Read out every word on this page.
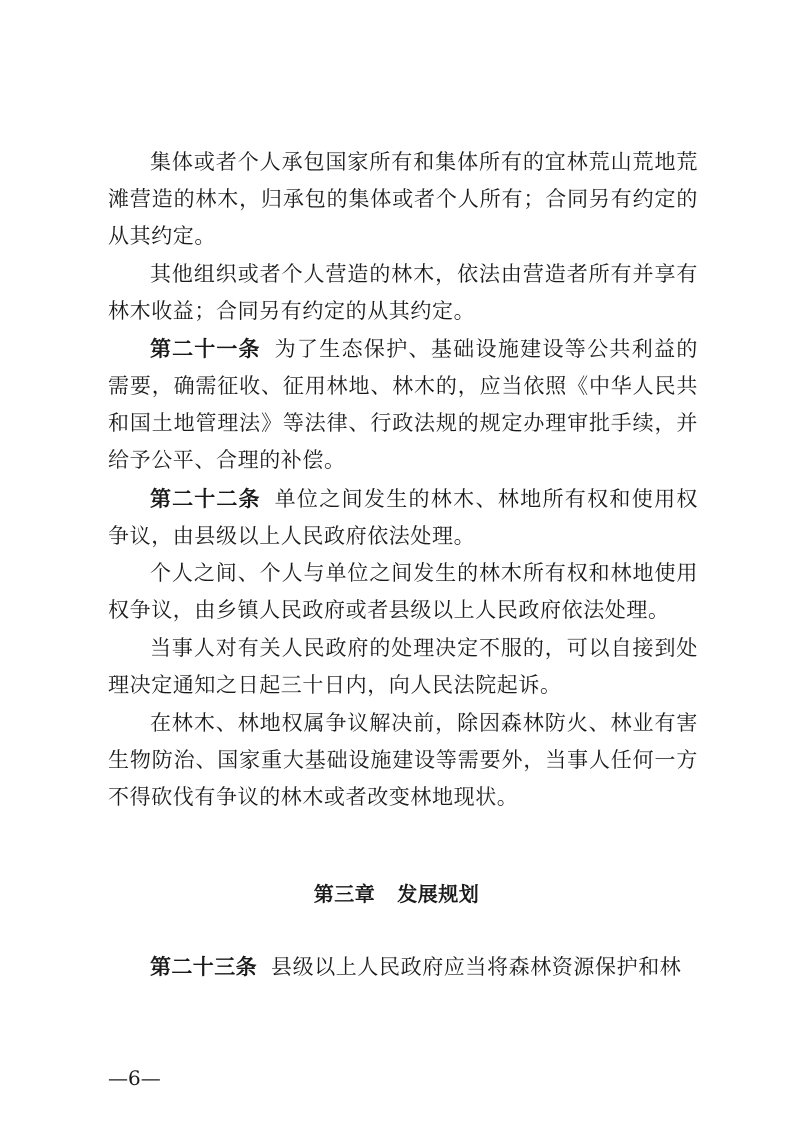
集体或者个人承包国家所有和集体所有的宜林荒山荒地荒滩营造的林木，归承包的集体或者个人所有；合同另有约定的从其约定。

其他组织或者个人营造的林木，依法由营造者所有并享有林木收益；合同另有约定的从其约定。

第二十一条 为了生态保护、基础设施建设等公共利益的需要，确需征收、征用林地、林木的，应当依照《中华人民共和国土地管理法》等法律、行政法规的规定办理审批手续，并给予公平、合理的补偿。

第二十二条 单位之间发生的林木、林地所有权和使用权争议，由县级以上人民政府依法处理。

个人之间、个人与单位之间发生的林木所有权和林地使用权争议，由乡镇人民政府或者县级以上人民政府依法处理。

当事人对有关人民政府的处理决定不服的，可以自接到处理决定通知之日起三十日内，向人民法院起诉。

在林木、林地权属争议解决前，除因森林防火、林业有害生物防治、国家重大基础设施建设等需要外，当事人任何一方不得砍伐有争议的林木或者改变林地现状。

第三章 发展规划

第二十三条 县级以上人民政府应当将森林资源保护和林

—6—
